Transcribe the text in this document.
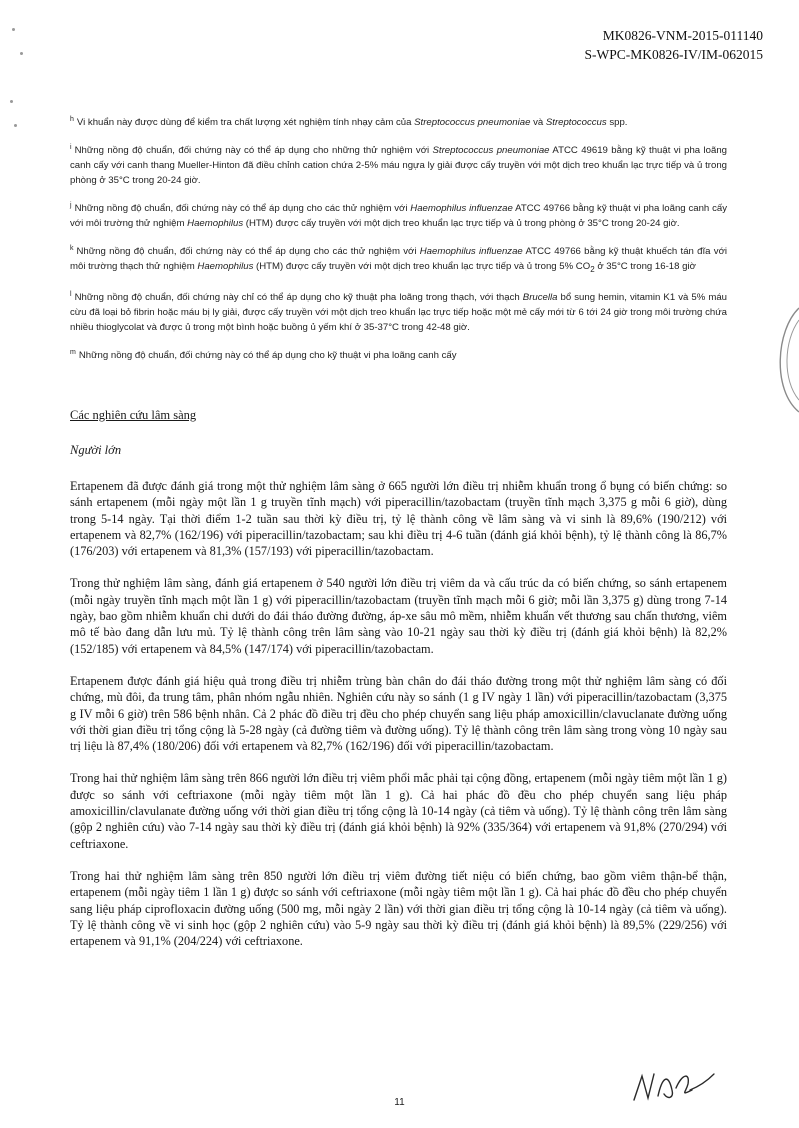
MK0826-VNM-2015-011140
S-WPC-MK0826-IV/IM-062015

$^h$ Vi khuẩn này được dùng để kiểm tra chất lượng xét nghiệm tính nhạy cảm của Streptococcus pneumoniae và Streptococcus spp.

$^i$ Những nồng độ chuẩn, đối chứng này có thể áp dụng cho những thử nghiệm với Streptococcus pneumoniae ATCC 49619 bằng kỹ thuật vi pha loãng canh cấy với canh thang Mueller-Hinton đã điều chỉnh cation chứa 2-5% máu ngựa ly giải được cấy truyền với một dịch treo khuẩn lạc trực tiếp và ủ trong phòng ở 35°C trong 20-24 giờ.

$^j$ Những nồng độ chuẩn, đối chứng này có thể áp dụng cho các thử nghiệm với Haemophilus influenzae ATCC 49766 bằng kỹ thuật vi pha loãng canh cấy với môi trường thử nghiệm Haemophilus (HTM) được cấy truyền với một dịch treo khuẩn lạc trực tiếp và ủ trong phòng ở 35°C trong 20-24 giờ.

$^k$ Những nồng độ chuẩn, đối chứng này có thể áp dụng cho các thử nghiệm với Haemophilus influenzae ATCC 49766 bằng kỹ thuật khuếch tán đĩa với môi trường thạch thử nghiệm Haemophilus (HTM) được cấy truyền với một dịch treo khuẩn lạc trực tiếp và ủ trong 5% $CO_2$ ở 35°C trong 16-18 giờ

$^l$ Những nồng độ chuẩn, đối chứng này chỉ có thể áp dụng cho kỹ thuật pha loãng trong thạch, với thạch Brucella bổ sung hemin, vitamin K1 và 5% máu cừu đã loại bỏ fibrin hoặc máu bị ly giải, được cấy truyền với một dịch treo khuẩn lạc trực tiếp hoặc một mẻ cấy mới từ 6 tới 24 giờ trong môi trường chứa nhiều thioglycolat và được ủ trong một bình hoặc buồng ủ yếm khí ở 35-37°C trong 42-48 giờ.

$^m$ Những nồng độ chuẩn, đối chứng này có thể áp dụng cho kỹ thuật vi pha loãng canh cấy

Các nghiên cứu lâm sàng
Người lớn

Ertapenem đã được đánh giá trong một thử nghiệm lâm sàng ở 665 người lớn điều trị nhiễm khuẩn trong ổ bụng có biến chứng: so sánh ertapenem (mỗi ngày một lần 1 g truyền tĩnh mạch) với piperacillin/tazobactam (truyền tĩnh mạch 3,375 g mỗi 6 giờ), dùng trong 5-14 ngày. Tại thời điểm 1-2 tuần sau thời kỳ điều trị, tỷ lệ thành công về lâm sàng và vi sinh là 89,6% (190/212) với ertapenem và 82,7% (162/196) với piperacillin/tazobactam; sau khi điều trị 4-6 tuần (đánh giá khỏi bệnh), tỷ lệ thành công là 86,7% (176/203) với ertapenem và 81,3% (157/193) với piperacillin/tazobactam.

Trong thử nghiệm lâm sàng, đánh giá ertapenem ở 540 người lớn điều trị viêm da và cấu trúc da có biến chứng, so sánh ertapenem (mỗi ngày truyền tĩnh mạch một lần 1 g) với piperacillin/tazobactam (truyền tĩnh mạch mỗi 6 giờ; mỗi lần 3,375 g) dùng trong 7-14 ngày, bao gồm nhiễm khuẩn chi dưới do đái tháo đường đường, áp-xe sâu mô mềm, nhiễm khuẩn vết thương sau chấn thương, viêm mô tế bào đang dẫn lưu mủ. Tỷ lệ thành công trên lâm sàng vào 10-21 ngày sau thời kỳ điều trị (đánh giá khỏi bệnh) là 82,2% (152/185) với ertapenem và 84,5% (147/174) với piperacillin/tazobactam.

Ertapenem được đánh giá hiệu quả trong điều trị nhiễm trùng bàn chân do đái tháo đường trong một thử nghiệm lâm sàng có đối chứng, mù đôi, đa trung tâm, phân nhóm ngẫu nhiên. Nghiên cứu này so sánh (1 g IV ngày 1 lần) với piperacillin/tazobactam (3,375 g IV mỗi 6 giờ) trên 586 bệnh nhân. Cả 2 phác đồ điều trị đều cho phép chuyển sang liệu pháp amoxicillin/clavuclanate đường uống với thời gian điều trị tổng cộng là 5-28 ngày (cả đường tiêm và đường uống). Tỷ lệ thành công trên lâm sàng trong vòng 10 ngày sau trị liệu là 87,4% (180/206) đối với ertapenem và 82,7% (162/196) đối với piperacillin/tazobactam.

Trong hai thử nghiệm lâm sàng trên 866 người lớn điều trị viêm phổi mắc phải tại cộng đồng, ertapenem (mỗi ngày tiêm một lần 1 g) được so sánh với ceftriaxone (mỗi ngày tiêm một lần 1 g). Cả hai phác đồ đều cho phép chuyển sang liệu pháp amoxicillin/clavulanate đường uống với thời gian điều trị tổng cộng là 10-14 ngày (cả tiêm và uống). Tỷ lệ thành công trên lâm sàng (gộp 2 nghiên cứu) vào 7-14 ngày sau thời kỳ điều trị (đánh giá khỏi bệnh) là 92% (335/364) với ertapenem và 91,8% (270/294) với ceftriaxone.

Trong hai thử nghiệm lâm sàng trên 850 người lớn điều trị viêm đường tiết niệu có biến chứng, bao gồm viêm thận-bể thận, ertapenem (mỗi ngày tiêm 1 lần 1 g) được so sánh với ceftriaxone (mỗi ngày tiêm một lần 1 g). Cả hai phác đồ đều cho phép chuyển sang liệu pháp ciprofloxacin đường uống (500 mg, mỗi ngày 2 lần) với thời gian điều trị tổng cộng là 10-14 ngày (cả tiêm và uống). Tỷ lệ thành công về vi sinh học (gộp 2 nghiên cứu) vào 5-9 ngày sau thời kỳ điều trị (đánh giá khỏi bệnh) là 89,5% (229/256) với ertapenem và 91,1% (204/224) với ceftriaxone.

11
